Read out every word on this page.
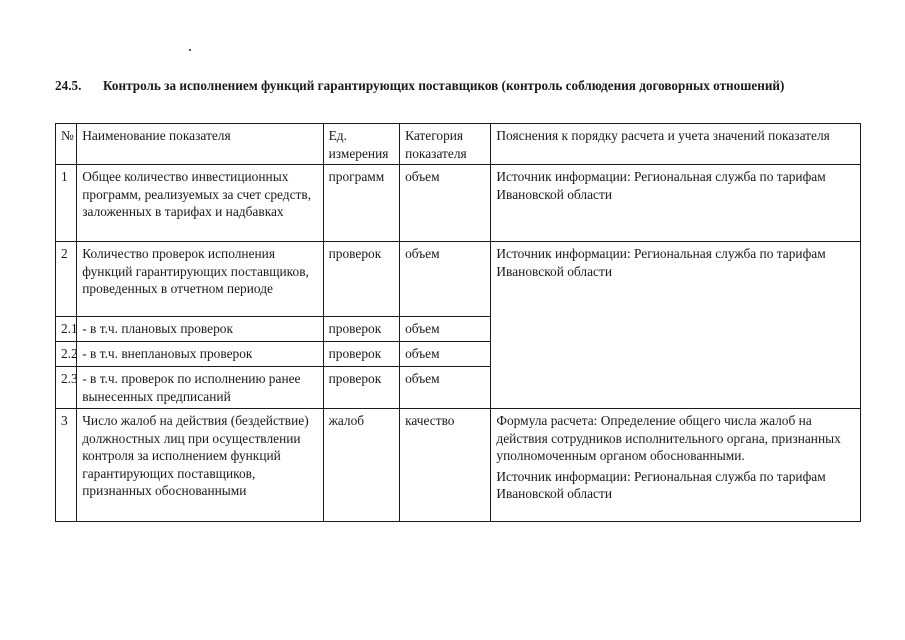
24.5. Контроль за исполнением функций гарантирующих поставщиков (контроль соблюдения договорных отношений)
№	Наименование показателя	Ед. измерения	Категория показателя	Пояснения к порядку расчета и учета значений показателя
1	Общее количество инвестиционных программ, реализуемых за счет средств, заложенных в тарифах и надбавках	программ	объем	Источник информации: Региональная служба по тарифам Ивановской области
2	Количество проверок исполнения функций гарантирующих поставщиков, проведенных в отчетном периоде	проверок	объем	Источник информации: Региональная служба по тарифам Ивановской области
2.1	- в т.ч. плановых проверок	проверок	объем	
2.2	- в т.ч. внеплановых проверок	проверок	объем	
2.3	- в т.ч. проверок по исполнению ранее вынесенных предписаний	проверок	объем	
3	Число жалоб на действия (бездействие) должностных лиц при осуществлении контроля за исполнением функций гарантирующих поставщиков, признанных обоснованными	жалоб	качество	Формула расчета: Определение общего числа жалоб на действия сотрудников исполнительного органа, признанных уполномоченным органом обоснованными.
Источник информации: Региональная служба по тарифам Ивановской области
